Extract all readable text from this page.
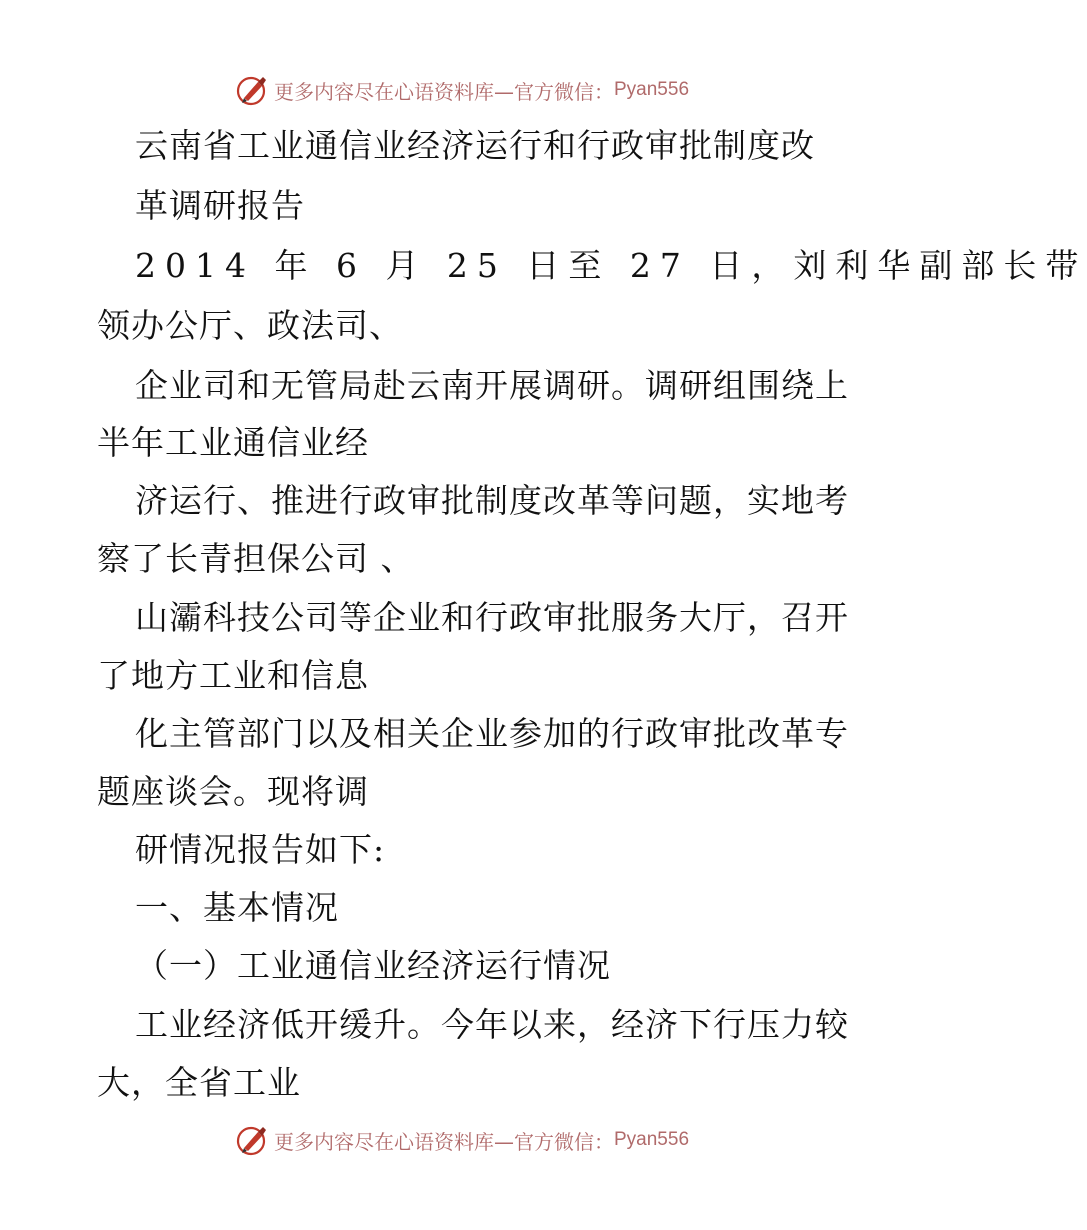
更多内容尽在心语资料库 —官方微信： Pyan556
云南省工业通信业经济运行和行政审批制度改
革调研报告
2014 年 6 月 25 日至 27 日，刘利华副部长带
领办公厅、政法司、
企业司和无管局赴云南开展调研。调研组围绕上
半年工业通信业经
济运行、推进行政审批制度改革等问题，实地考
察了长青担保公司 、
山灞科技公司等企业和行政审批服务大厅，召开
了地方工业和信息
化主管部门以及相关企业参加的行政审批改革专
题座谈会。现将调
研情况报告如下:
一、基本情况
（一）工业通信业经济运行情况
工业经济低开缓升。今年以来，经济下行压力较
大，全省工业
更多内容尽在心语资料库 —官方微信： Pyan556
